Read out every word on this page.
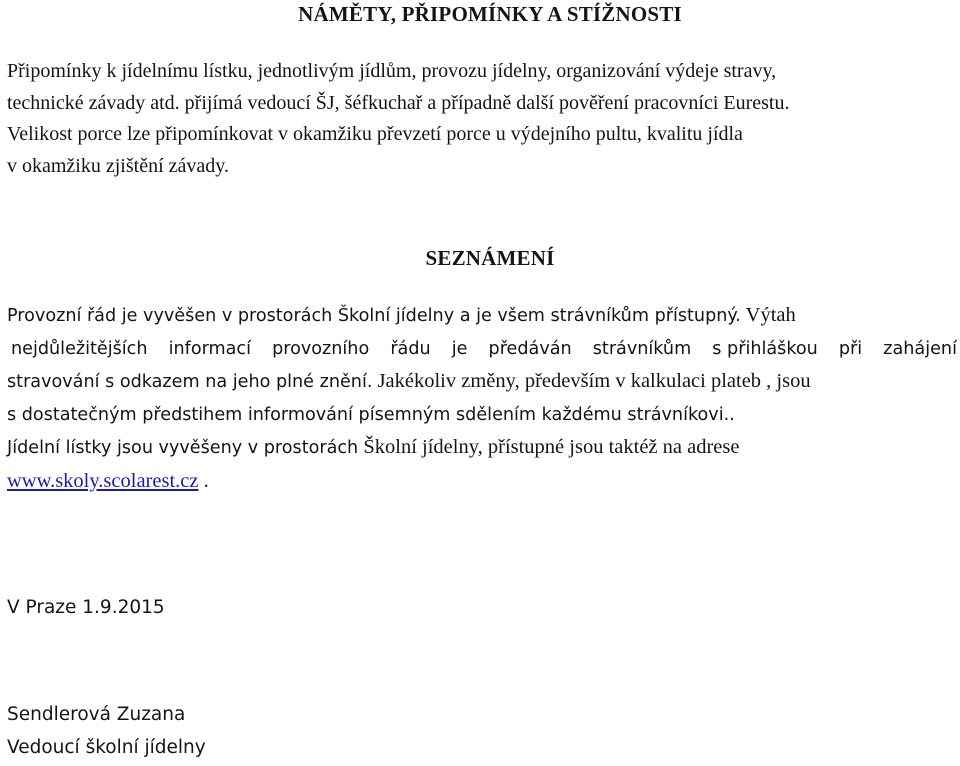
NÁMĚTY, PŘIPOMÍNKY A STÍŽNOSTI
Připomínky k jídelnímu lístku, jednotlivým jídlům, provozu jídelny, organizování výdeje stravy,
technické závady atd. přijímá vedoucí ŠJ, šéfkuchař a případně další pověření pracovníci Eurestu.
Velikost porce lze připomínkovat v okamžiku převzetí porce u výdejního pultu, kvalitu jídla
v okamžiku zjištění závady.
SEZNÁMENÍ
Provozní řád je vyvěšen v prostorách Školní jídelny a je všem strávníkům přístupný. Výtah
nejdůležitějších informací provozního řádu je předáván strávníkům s přihláškou při zahájení
stravování s odkazem na jeho plné znění. Jakékoliv změny, především v kalkulaci plateb , jsou
s dostatečným předstihem informování písemným sdělením každému strávníkovi..
Jídelní lístky jsou vyvěšeny v prostorách Školní jídelny, přístupné jsou taktéž na adrese
www.skoly.scolarest.cz .
V Praze 1.9.2015
Sendlerová Zuzana
Vedoucí školní jídelny
